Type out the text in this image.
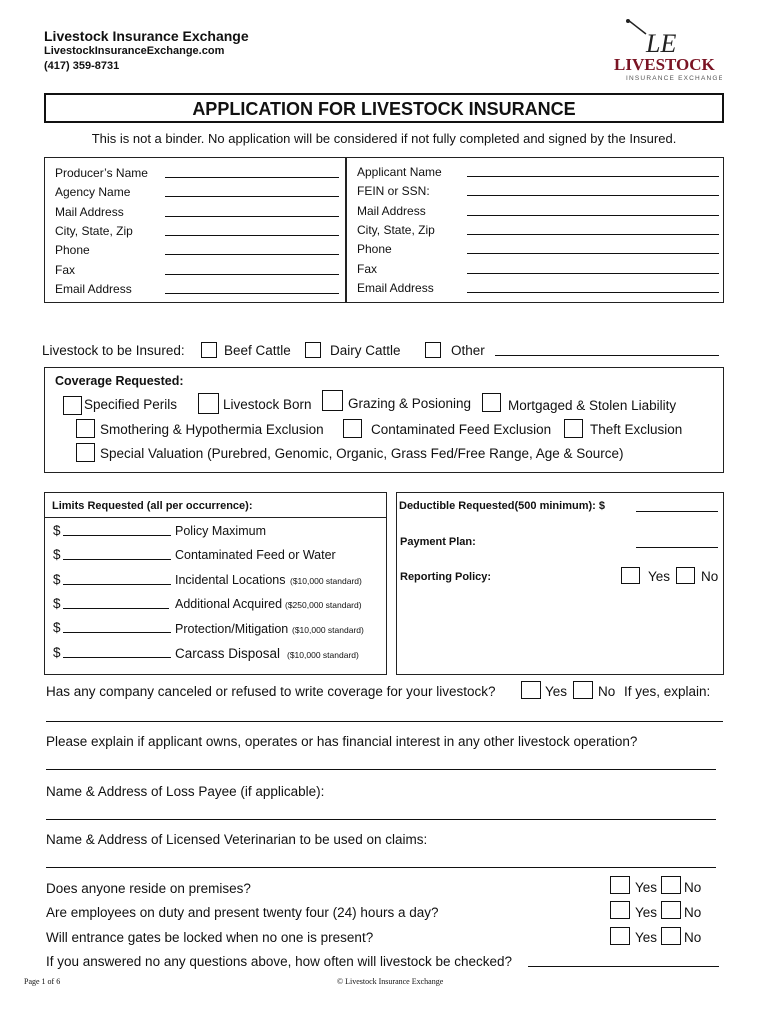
Livestock Insurance Exchange
LivestockInsuranceExchange.com
(417) 359-8731
LE
LIVESTOCK
INSURANCE EXCHANGE
APPLICATION FOR LIVESTOCK INSURANCE
This is not a binder. No application will be considered if not fully completed and signed by the Insured.
Producer’s Name
Agency Name
Mail Address
City, State, Zip
Phone
Fax
Email Address
Applicant Name
FEIN or SSN:
Mail Address
City, State, Zip
Phone
Fax
Email Address
Livestock to be Insured:	Beef Cattle	Dairy Cattle	Other
Coverage Requested:
Specified Perils	Livestock Born	Grazing & Posioning	Mortgaged & Stolen Liability
Smothering & Hypothermia Exclusion	Contaminated Feed Exclusion	Theft Exclusion
Special Valuation (Purebred, Genomic, Organic, Grass Fed/Free Range, Age & Source)
Limits Requested (all per occurrence):
$	Policy Maximum
$	Contaminated Feed or Water
$	Incidental Locations ($10,000 standard)
$	Additional Acquired ($250,000 standard)
$	Protection/Mitigation ($10,000 standard)
$	Carcass Disposal ($10,000 standard)
Deductible Requested(500 minimum): $
Payment Plan:
Reporting Policy:	Yes No
Has any company canceled or refused to write coverage for your livestock?	Yes No If yes, explain:
Please explain if applicant owns, operates or has financial interest in any other livestock operation?
Name & Address of Loss Payee (if applicable):
Name & Address of Licensed Veterinarian to be used on claims:
Does anyone reside on premises?	Yes No
Are employees on duty and present twenty four (24) hours a day?	Yes No
Will entrance gates be locked when no one is present?	Yes No
If you answered no any questions above, how often will livestock be checked?
Page 1 of 6	© Livestock Insurance Exchange
